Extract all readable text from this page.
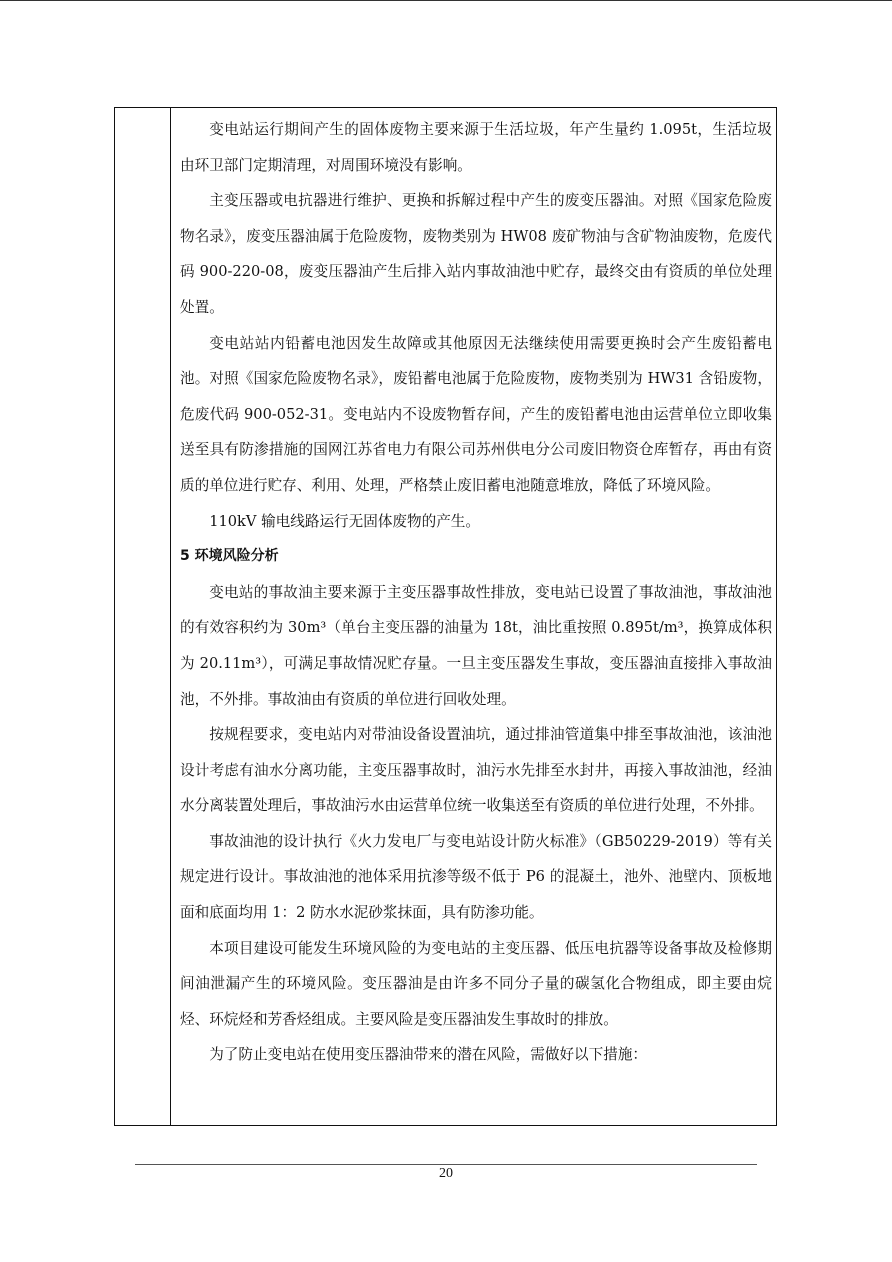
变电站运行期间产生的固体废物主要来源于生活垃圾，年产生量约 1.095t，生活垃圾由环卫部门定期清理，对周围环境没有影响。

主变压器或电抗器进行维护、更换和拆解过程中产生的废变压器油。对照《国家危险废物名录》，废变压器油属于危险废物，废物类别为 HW08 废矿物油与含矿物油废物，危废代码 900-220-08，废变压器油产生后排入站内事故油池中贮存，最终交由有资质的单位处理处置。

变电站站内铅蓄电池因发生故障或其他原因无法继续使用需要更换时会产生废铅蓄电池。对照《国家危险废物名录》，废铅蓄电池属于危险废物，废物类别为 HW31 含铅废物，危废代码 900-052-31。变电站内不设废物暂存间，产生的废铅蓄电池由运营单位立即收集送至具有防渗措施的国网江苏省电力有限公司苏州供电分公司废旧物资仓库暂存，再由有资质的单位进行贮存、利用、处理，严格禁止废旧蓄电池随意堆放，降低了环境风险。

110kV 输电线路运行无固体废物的产生。

5 环境风险分析

变电站的事故油主要来源于主变压器事故性排放，变电站已设置了事故油池，事故油池的有效容积约为 30m³（单台主变压器的油量为 18t，油比重按照 0.895t/m³，换算成体积为 20.11m³），可满足事故情况贮存量。一旦主变压器发生事故，变压器油直接排入事故油池，不外排。事故油由有资质的单位进行回收处理。

按规程要求，变电站内对带油设备设置油坑，通过排油管道集中排至事故油池，该油池设计考虑有油水分离功能，主变压器事故时，油污水先排至水封井，再接入事故油池，经油水分离装置处理后，事故油污水由运营单位统一收集送至有资质的单位进行处理，不外排。

事故油池的设计执行《火力发电厂与变电站设计防火标准》（GB50229-2019）等有关规定进行设计。事故油池的池体采用抗渗等级不低于 P6 的混凝土，池外、池壁内、顶板地面和底面均用 1：2 防水水泥砂浆抹面，具有防渗功能。

本项目建设可能发生环境风险的为变电站的主变压器、低压电抗器等设备事故及检修期间油泄漏产生的环境风险。变压器油是由许多不同分子量的碳氢化合物组成，即主要由烷烃、环烷烃和芳香烃组成。主要风险是变压器油发生事故时的排放。

为了防止变电站在使用变压器油带来的潜在风险，需做好以下措施：

20
